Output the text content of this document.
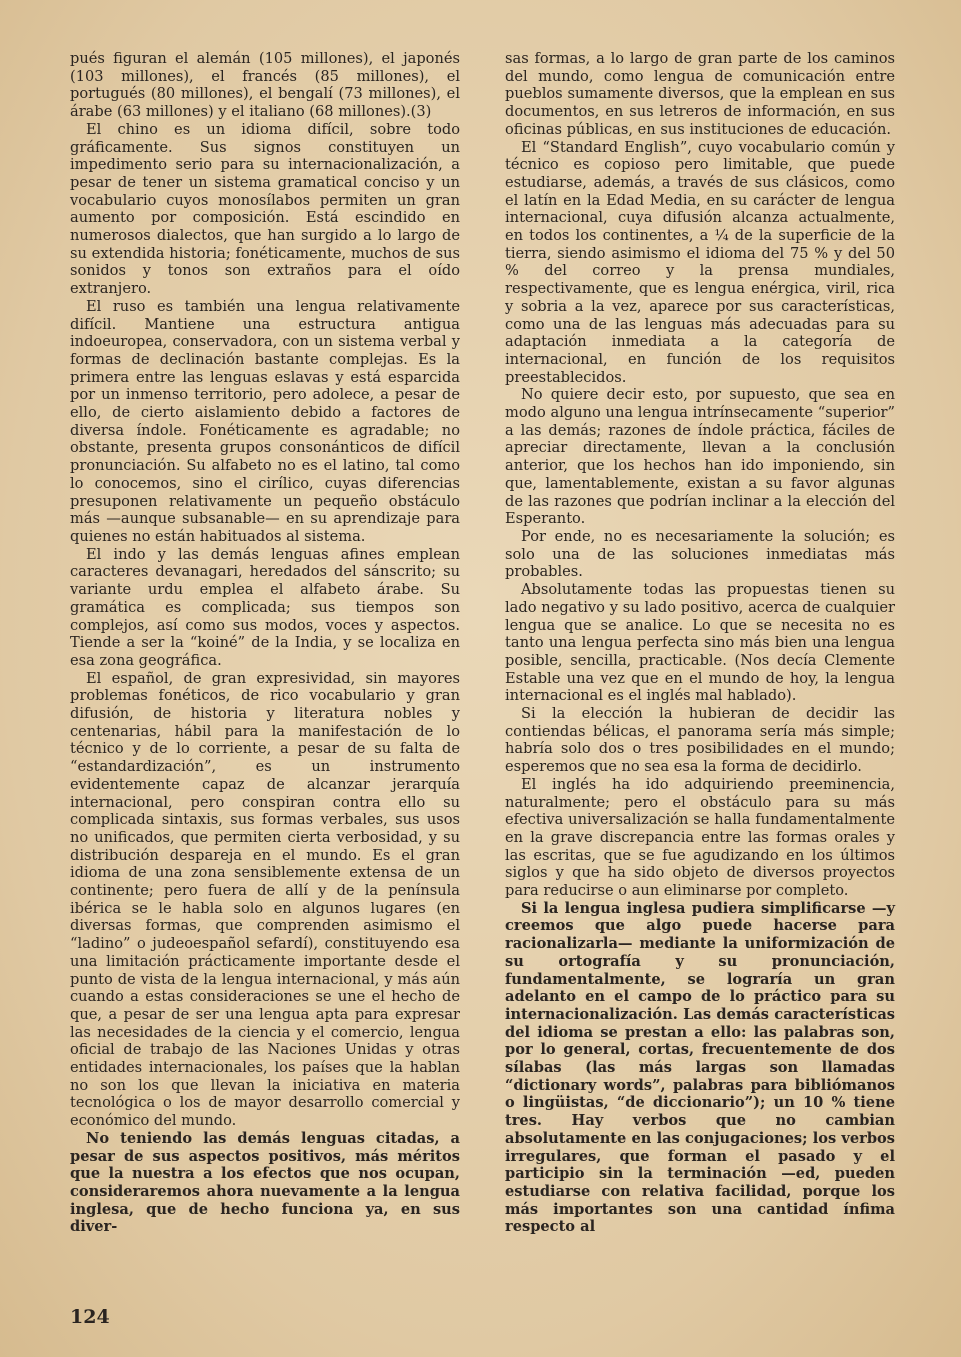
pués figuran el alemán (105 millones), el japonés (103 millones), el francés (85 millones), el portugués (80 millones), el bengalí (73 millones), el árabe (63 millones) y el italiano (68 millones).(3)

El chino es un idioma difícil, sobre todo gráficamente. Sus signos constituyen un impedimento serio para su internacionalización, a pesar de tener un sistema gramatical conciso y un vocabulario cuyos monosílabos permiten un gran aumento por composición. Está escindido en numerosos dialectos, que han surgido a lo largo de su extendida historia; fonéticamente, muchos de sus sonidos y tonos son extraños para el oído extranjero.

El ruso es también una lengua relativamente difícil. Mantiene una estructura antigua indoeuropea, conservadora, con un sistema verbal y formas de declinación bastante complejas. Es la primera entre las lenguas eslavas y está esparcida por un inmenso territorio, pero adolece, a pesar de ello, de cierto aislamiento debido a factores de diversa índole. Fonéticamente es agradable; no obstante, presenta grupos consonánticos de difícil pronunciación. Su alfabeto no es el latino, tal como lo conocemos, sino el cirílico, cuyas diferencias presuponen relativamente un pequeño obstáculo más —aunque subsanable— en su aprendizaje para quienes no están habituados al sistema.

El indo y las demás lenguas afines emplean caracteres devanagari, heredados del sánscrito; su variante urdu emplea el alfabeto árabe. Su gramática es complicada; sus tiempos son complejos, así como sus modos, voces y aspectos. Tiende a ser la “koiné” de la India, y se localiza en esa zona geográfica.

El español, de gran expresividad, sin mayores problemas fonéticos, de rico vocabulario y gran difusión, de historia y literatura nobles y centenarias, hábil para la manifestación de lo técnico y de lo corriente, a pesar de su falta de “estandardización”, es un instrumento evidentemente capaz de alcanzar jerarquía internacional, pero conspiran contra ello su complicada sintaxis, sus formas verbales, sus usos no unificados, que permiten cierta verbosidad, y su distribución despareja en el mundo. Es el gran idioma de una zona sensiblemente extensa de un continente; pero fuera de allí y de la península ibérica se le habla solo en algunos lugares (en diversas formas, que comprenden asimismo el “ladino” o judeoespañol sefardí), constituyendo esa una limitación prácticamente importante desde el punto de vista de la lengua internacional, y más aún cuando a estas consideraciones se une el hecho de que, a pesar de ser una lengua apta para expresar las necesidades de la ciencia y el comercio, lengua oficial de trabajo de las Naciones Unidas y otras entidades internacionales, los países que la hablan no son los que llevan la iniciativa en materia tecnológica o los de mayor desarrollo comercial y económico del mundo.

No teniendo las demás lenguas citadas, a pesar de sus aspectos positivos, más méritos que la nuestra a los efectos que nos ocupan, consideraremos ahora nuevamente a la lengua inglesa, que de hecho funciona ya, en sus diver-

sas formas, a lo largo de gran parte de los caminos del mundo, como lengua de comunicación entre pueblos sumamente diversos, que la emplean en sus documentos, en sus letreros de información, en sus oficinas públicas, en sus instituciones de educación.

El “Standard English”, cuyo vocabulario común y técnico es copioso pero limitable, que puede estudiarse, además, a través de sus clásicos, como el latín en la Edad Media, en su carácter de lengua internacional, cuya difusión alcanza actualmente, en todos los continentes, a ¼ de la superficie de la tierra, siendo asimismo el idioma del 75 % y del 50 % del correo y la prensa mundiales, respectivamente, que es lengua enérgica, viril, rica y sobria a la vez, aparece por sus características, como una de las lenguas más adecuadas para su adaptación inmediata a la categoría de internacional, en función de los requisitos preestablecidos.

No quiere decir esto, por supuesto, que sea en modo alguno una lengua intrínsecamente “superior” a las demás; razones de índole práctica, fáciles de apreciar directamente, llevan a la conclusión anterior, que los hechos han ido imponiendo, sin que, lamentablemente, existan a su favor algunas de las razones que podrían inclinar a la elección del Esperanto.

Por ende, no es necesariamente la solución; es solo una de las soluciones inmediatas más probables.

Absolutamente todas las propuestas tienen su lado negativo y su lado positivo, acerca de cualquier lengua que se analice. Lo que se necesita no es tanto una lengua perfecta sino más bien una lengua posible, sencilla, practicable. (Nos decía Clemente Estable una vez que en el mundo de hoy, la lengua internacional es el inglés mal hablado).

Si la elección la hubieran de decidir las contiendas bélicas, el panorama sería más simple; habría solo dos o tres posibilidades en el mundo; esperemos que no sea esa la forma de decidirlo.

El inglés ha ido adquiriendo preeminencia, naturalmente; pero el obstáculo para su más efectiva universalización se halla fundamentalmente en la grave discrepancia entre las formas orales y las escritas, que se fue agudizando en los últimos siglos y que ha sido objeto de diversos proyectos para reducirse o aun eliminarse por completo.

Si la lengua inglesa pudiera simplificarse —y creemos que algo puede hacerse para racionalizarla— mediante la uniformización de su ortografía y su pronunciación, fundamentalmente, se lograría un gran adelanto en el campo de lo práctico para su internacionalización. Las demás características del idioma se prestan a ello: las palabras son, por lo general, cortas, frecuentemente de dos sílabas (las más largas son llamadas “dictionary words”, palabras para bibliómanos o lingüistas, “de diccionario”); un 10 % tiene tres. Hay verbos que no cambian absolutamente en las conjugaciones; los verbos irregulares, que forman el pasado y el participio sin la terminación —ed, pueden estudiarse con relativa facilidad, porque los más importantes son una cantidad ínfima respecto al

124
